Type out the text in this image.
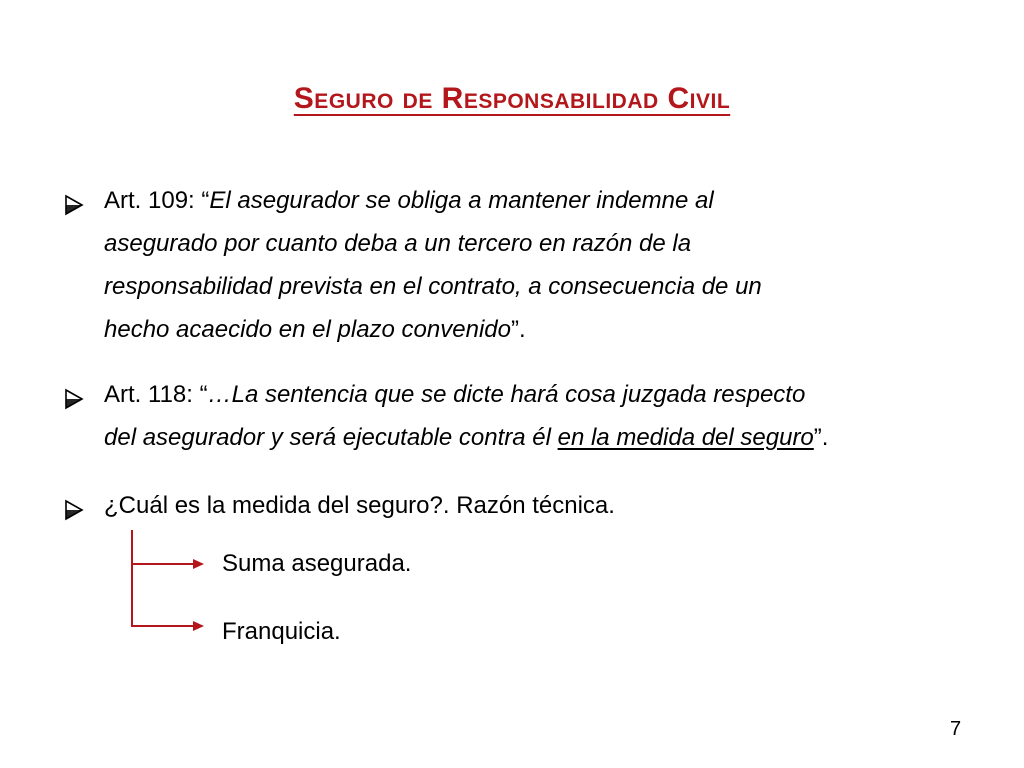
Seguro de Responsabilidad Civil
Art. 109: “El asegurador se obliga a mantener indemne al
asegurado por cuanto deba a un tercero en razón de la
responsabilidad prevista en el contrato, a consecuencia de un
hecho acaecido en el plazo convenido”.
Art. 118: “…La sentencia que se dicte hará cosa juzgada respecto
del asegurador y será ejecutable contra él en la medida del seguro”.
¿Cuál es la medida del seguro?. Razón técnica.
Suma asegurada.
Franquicia.
7
